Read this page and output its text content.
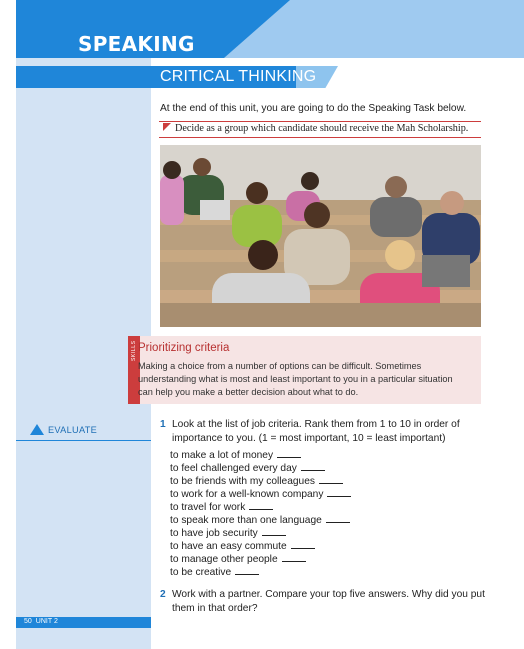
SPEAKING
CRITICAL THINKING
At the end of this unit, you are going to do the Speaking Task below.
Decide as a group which candidate should receive the Mah Scholarship.
SKILLS Prioritizing criteria
Making a choice from a number of options can be difficult. Sometimes
understanding what is most and least important to you in a particular situation
can help you make a better decision about what to do.
EVALUATE	1 Look at the list of job criteria. Rank them from 1 to 10 in order of
importance to you. (1 = most important, 10 = least important)
to make a lot of money
to feel challenged every day
to be friends with my colleagues
to work for a well-known company
to travel for work
to speak more than one language
to have job security
to have an easy commute
to manage other people
to be creative
2 Work with a partner. Compare your top five answers. Why did you put
them in that order?
50 UNIT 2
